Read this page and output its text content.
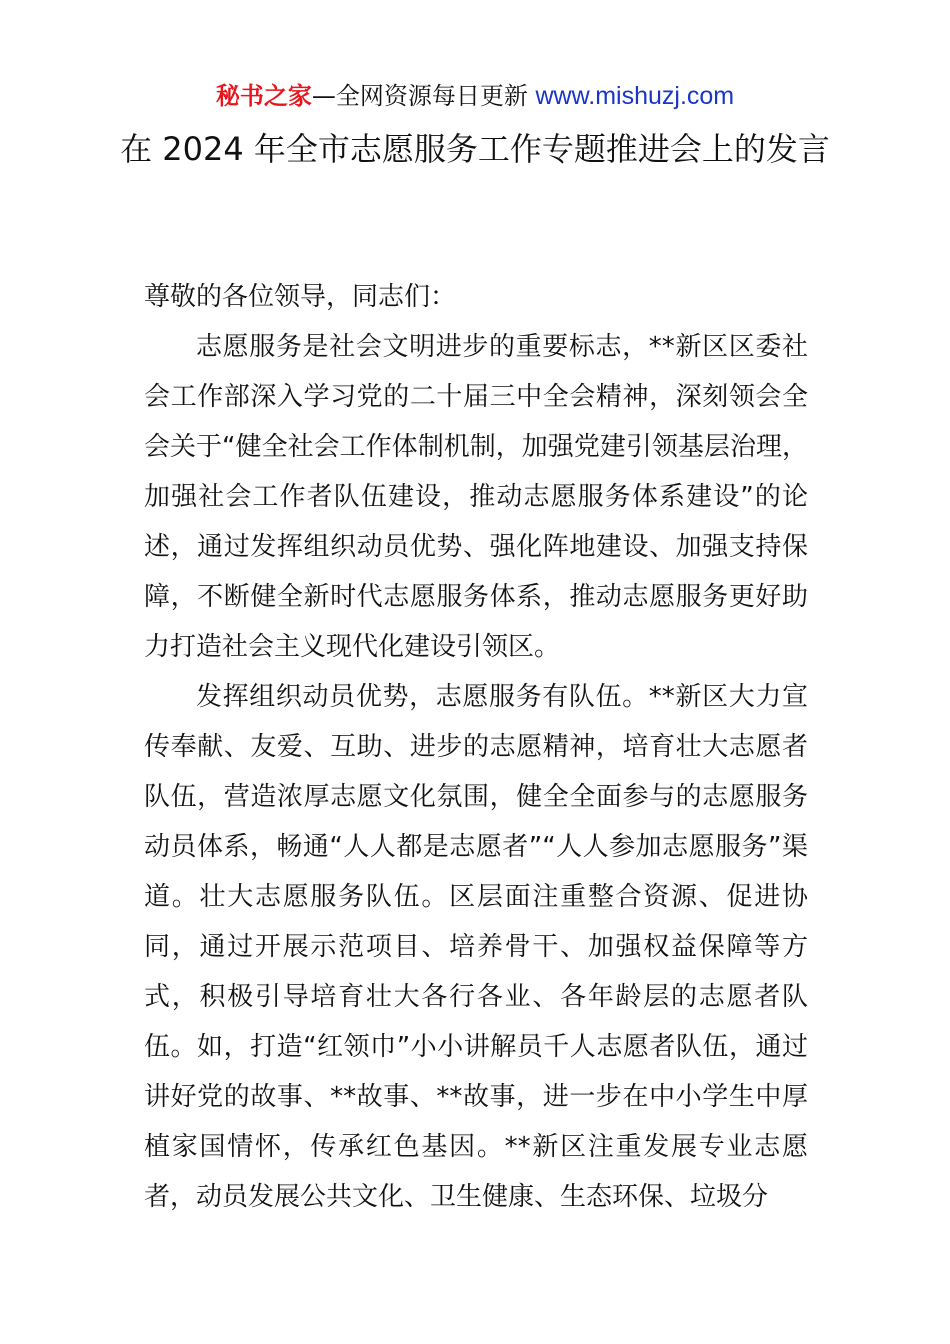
秘书之家—全网资源每日更新 www.mishuzj.com
在 2024 年全市志愿服务工作专题推进会上的发言

尊敬的各位领导，同志们：

志愿服务是社会文明进步的重要标志，**新区区委社会工作部深入学习党的二十届三中全会精神，深刻领会全会关于“健全社会工作体制机制，加强党建引领基层治理，加强社会工作者队伍建设，推动志愿服务体系建设”的论述，通过发挥组织动员优势、强化阵地建设、加强支持保障，不断健全新时代志愿服务体系，推动志愿服务更好助力打造社会主义现代化建设引领区。

发挥组织动员优势，志愿服务有队伍。**新区大力宣传奉献、友爱、互助、进步的志愿精神，培育壮大志愿者队伍，营造浓厚志愿文化氛围，健全全面参与的志愿服务动员体系，畅通“人人都是志愿者”“人人参加志愿服务”渠道。壮大志愿服务队伍。区层面注重整合资源、促进协同，通过开展示范项目、培养骨干、加强权益保障等方式，积极引导培育壮大各行各业、各年龄层的志愿者队伍。如，打造“红领巾”小小讲解员千人志愿者队伍，通过讲好党的故事、**故事、**故事，进一步在中小学生中厚植家国情怀，传承红色基因。**新区注重发展专业志愿者，动员发展公共文化、卫生健康、生态环保、垃圾分
